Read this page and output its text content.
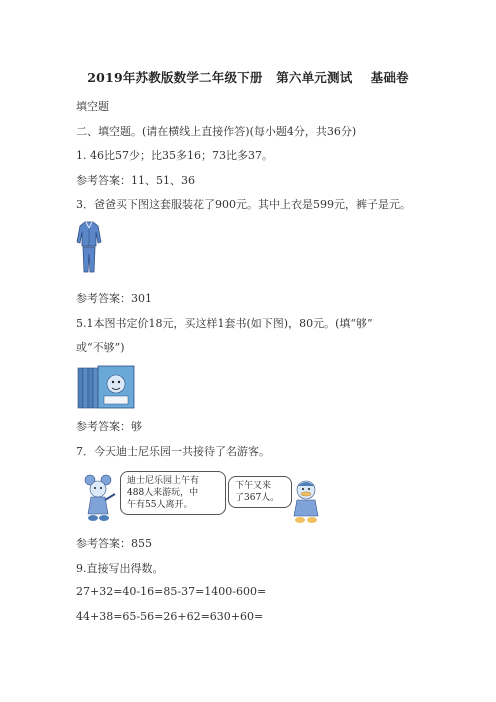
2019年苏教版数学二年级下册   第六单元测试    基础卷
填空题
二、填空题。(请在横线上直接作答)(每小题4分，共36分)
1. 46比57少；比35多16；73比多37。
参考答案：11、51、36
3．爸爸买下图这套服装花了900元。其中上衣是599元，裤子是元。
参考答案：301
5.1本图书定价18元，买这样1套书(如下图)，80元。(填“够”
或“不够”)
参考答案：够
7．今天迪士尼乐园一共接待了名游客。
迪士尼乐园上午有
488人来游玩，中
午有55人离开。
下午又来
了367人。
参考答案：855
9.直接写出得数。
27+32=40-16=85-37=1400-600=
44+38=65-56=26+62=630+60=
